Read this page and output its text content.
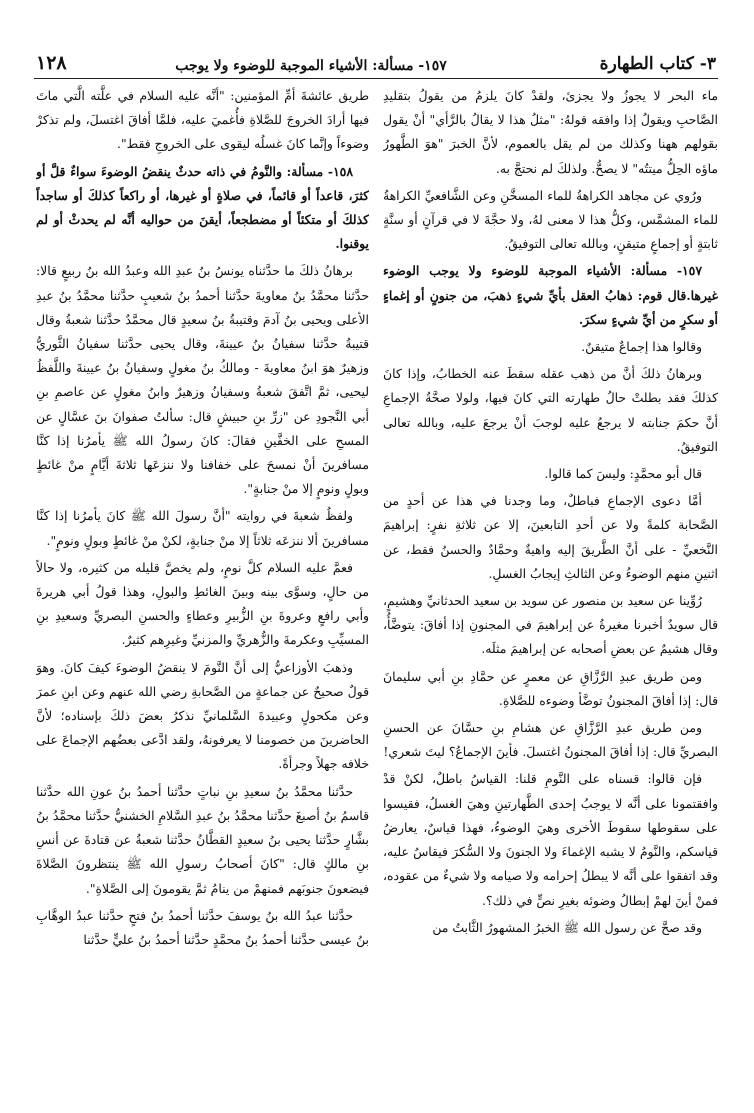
٣- كتاب الطهارة
١٥٧- مسألة: الأشياء الموجبة للوضوء ولا يوجب
١٢٨

ماء البحر لا يجوزُ ولا يجزئ، ولقدْ كانَ يلزمُ من يقولُ بتقليدِ الصَّاحبِ ويقولُ إذا وافقه قولهُ: "مثلُ هذا لا يقالُ بالرَّأي" أنْ يقول بقولهم ههنا وكذلك من لم يقل بالعموم، لأنَّ الخبرَ "هوَ الطَّهورُ ماؤه الحِلُّ ميتتُه" لا يصحُّ. ولذلكَ لم نحتجَّ به.

ورُوي عن مجاهد الكراهةُ للماء المسخَّنِ وعن الشَّافعيِّ الكراهةُ للماء المشمَّس، وكلُّ هذا لا معنى لهُ، ولا حجَّةَ لا في قرآنٍ أو سنَّةٍ ثابتةٍ أو إجماعٍ متيقنٍ، وبالله تعالى التوفيقُ.

١٥٧- مسألة: الأشياء الموجبة للوضوء ولا يوجب الوضوء غيرها.قال قوم: ذهابُ العقل بأيِّ شيءٍ ذهبَ، من جنونٍ أو إغماءٍ أو سكرٍ من أيِّ شيءٍ سكرَ.

وقالوا هذا إجماعٌ متيقنٌ.

وبرهانُ ذلكَ أنَّ من ذهب عقله سقطَ عنه الخطابُ، وإذا كانَ كذلكَ فقد بطلتْ حالُ طهارته التي كانَ فيها، ولولا صحَّةُ الإجماعِ أنَّ حكمَ جنابته لا يرجعُ عليه لوجبَ أنْ يرجعَ عليه، وبالله تعالى التوفيقُ.

قال أبو محمَّدٍ: وليسَ كما قالوا.

أمَّا دعوى الإجماعِ فباطلٌ، وما وجدنا في هذا عن أحدٍ من الصَّحابة كلمةً ولا عن أحدِ التابعينَ، إلا عن ثلاثةِ نفرٍ: إبراهيمَ النَّخعيِّ - على أنَّ الطَّريقَ إليه واهيةٌ وحمَّادٌ والحسنُ فقط، عن اثنينِ منهم الوضوءُ وعن الثالثِ إيجابُ الغسلِ.

رُوِّينا عن سعيد بن منصور عن سويد بن سعيد الحدثانيِّ وهشيمٍ، قال سويدٌ أخبرنا مغيرةُ عن إبراهيمَ في المجنونِ إذا أفاقَ: يتوضَّأُ، وقال هشيمٌ عن بعضِ أصحابه عن إبراهيمَ مثلَه.

ومن طريق عبدِ الرَّزَّاقِ عن معمرٍ عن حمَّادِ بنِ أبي سليمانَ قال: إذا أفاقَ المجنونُ توضَّأ وضوءه للصَّلاةِ.

ومن طريق عبدِ الرَّزَّاقِ عن هشامِ بنِ حسَّانَ عن الحسنِ البصريِّ قال: إذا أفاقَ المجنونُ اغتسلَ. فأينَ الإجماعُ؟ ليتَ شعري!

فإن قالوا: قسناه على النَّومِ قلنا: القياسُ باطلٌ، لكنْ قدْ وافقتمونا على أنَّه لا يوجبُ إحدى الطَّهارتينِ وهيَ الغسلُ، فقيسوا على سقوطها سقوطَ الأخرى وهيَ الوضوءُ، فهذا قياسٌ، يعارضُ قياسكم، والنَّومُ لا يشبه الإغماءَ ولا الجنونَ ولا السُّكرَ فيقاسُ عليه، وقد اتفقوا على أنَّه لا يبطلُ إحرامه ولا صيامه ولا شيءٌ من عقوده، فمنْ أينَ لهمْ إبطالُ وضوئه بغيرِ نصٍّ في ذلك؟.

وقد صحَّ عن رسول الله ﷺ الخبرُ المشهورُ الثَّابتُ من

طريق عائشةَ أمِّ المؤمنين: "أنَّه عليه السلام في علَّته الَّتي ماتَ فيها أرادَ الخروجَ للصَّلاةِ فأُغميَ عليه، فلمَّا أفاقَ اغتسلَ، ولم تذكرْ وضوءاً وإنَّما كانَ غسلُه ليقوى على الخروجِ فقط".

١٥٨- مسألة: والنَّومُ في ذاته حدثٌ ينقضُ الوضوءَ سواءٌ قلَّ أو كثرَ، قاعداً أو قائماً، في صلاةٍ أو غيرها، أو راكعاً كذلكَ أو ساجداً كذلكَ أو متكئاً أو مضطجعاً، أيقنَ من حواليه أنَّه لم يحدثْ أو لم يوقنوا.

برهانُ ذلكَ ما حدَّثناه يونسُ بنُ عبدِ الله وعبدُ الله بنُ ربيعٍ قالا: حدَّثنا محمَّدُ بنُ معاويةَ حدَّثنا أحمدُ بنُ شعيبٍ حدَّثنا محمَّدُ بنُ عبدِ الأعلى ويحيى بنُ آدمَ وقتيبةُ بنُ سعيدٍ قال محمَّدٌ حدَّثنا شعبةُ وقال قتيبةُ حدَّثنا سفيانُ بنُ عيينةَ، وقال يحيى حدَّثنا سفيانُ الثَّوريُّ وزهيرٌ هوَ ابنُ معاويةَ - ومالكُ بنُ مغولٍ وسفيانُ بنُ عيينةَ واللَّفظُ ليحيى، ثمَّ اتَّفقَ شعبةُ وسفيانُ وزهيرٌ وابنُ مغولٍ عن عاصمِ بنِ أبي النَّجودِ عن "زرِّ بنِ حبيشٍ قال: سألتُ صفوانَ بنَ عسَّالٍ عن المسحِ على الخفَّينِ فقالَ: كانَ رسولُ الله ﷺ يأمرُنا إذا كنَّا مسافرينَ أنْ نمسحَ على خفافنا ولا ننزعَها ثلاثةَ أيَّامٍ منْ غائطٍ وبولٍ ونومٍ إلا منْ جنابةٍ".

ولفظُ شعبةَ في روايته "أنَّ رسولَ الله ﷺ كانَ يأمرُنا إذا كنَّا مسافرينَ ألا ننزعَه ثلاثاً إلا منْ جنابةٍ، لكنْ منْ غائطٍ وبولٍ ونومٍ".

فعمَّ عليه السلام كلَّ نومٍ، ولم يخصَّ قليله من كثيره، ولا حالاً من حالٍ، وسوَّى بينه وبينَ الغائطِ والبولِ، وهذا قولُ أبي هريرةَ وأبي رافعٍ وعروةَ بنِ الزُّبيرِ وعطاءٍ والحسنِ البصريِّ وسعيدِ بنِ المسيِّبِ وعكرمةَ والزُّهريِّ والمزنيِّ وغيرِهم كثيرٌ.

وذهبَ الأوزاعيُّ إلى أنَّ النَّومَ لا ينقضُ الوضوءَ كيفَ كانَ. وهوَ قولٌ صحيحٌ عن جماعةٍ من الصَّحابةِ رضي الله عنهم وعن ابنِ عمرَ وعن مكحولٍ وعبيدةَ السَّلمانيِّ نذكرُ بعضَ ذلكَ بإسناده؛ لأنَّ الحاضرينَ من خصومنا لا يعرفونهُ، ولقد ادَّعى بعضُهم الإجماعَ على خلافه جهلاً وجرأةً.

حدَّثنا محمَّدُ بنُ سعيدِ بنِ نباتٍ حدَّثنا أحمدُ بنُ عونِ الله حدَّثنا قاسمُ بنُ أصبغَ حدَّثنا محمَّدُ بنُ عبدِ السَّلامِ الخشنيُّ حدَّثنا محمَّدُ بنُ بشَّارٍ حدَّثنا يحيى بنُ سعيدٍ القطَّانُ حدَّثنا شعبةُ عن قتادةَ عن أنسِ بنِ مالكٍ قال: "كانَ أصحابُ رسولِ الله ﷺ ينتظرونَ الصَّلاةَ فيضعونَ جنوبَهم فمنهمْ من ينامُ ثمَّ يقومونَ إلى الصَّلاةِ".

حدَّثنا عبدُ الله بنُ يوسفَ حدَّثنا أحمدُ بنُ فتحٍ حدَّثنا عبدُ الوهَّابِ بنُ عيسى حدَّثنا أحمدُ بنُ محمَّدٍ حدَّثنا أحمدُ بنُ عليٍّ حدَّثنا
